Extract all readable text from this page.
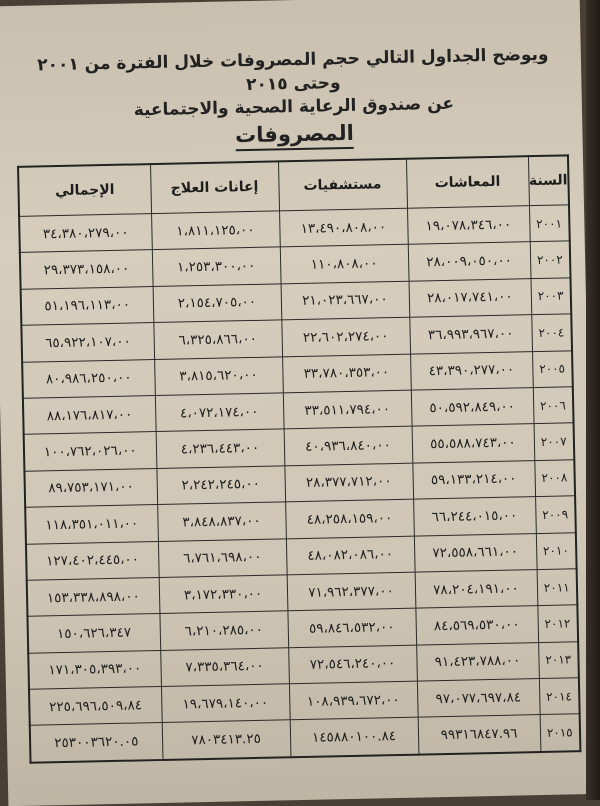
ويوضح الجداول التالي حجم المصروفات خلال الفترة من ٢٠٠١ وحتى ٢٠١٥
عن صندوق الرعاية الصحية والاجتماعية
المصروفات
السنة	المعاشات	مستشفيات	إعانات العلاج	الإجمالي
٢٠٠١	١٩،٠٧٨،٣٤٦،٠٠	١٣،٤٩٠،٨٠٨،٠٠	١،٨١١،١٢٥،٠٠	٣٤،٣٨٠،٢٧٩،٠٠
٢٠٠٢	٢٨،٠٠٩،٠٥٠،٠٠	١١٠،٨٠٨،٠٠	١،٢٥٣،٣٠٠،٠٠	٢٩،٣٧٣،١٥٨،٠٠
٢٠٠٣	٢٨،٠١٧،٧٤١،٠٠	٢١،٠٢٣،٦٦٧،٠٠	٢،١٥٤،٧٠٥،٠٠	٥١،١٩٦،١١٣،٠٠
٢٠٠٤	٣٦،٩٩٣،٩٦٧،٠٠	٢٢،٦٠٢،٢٧٤،٠٠	٦،٣٢٥،٨٦٦،٠٠	٦٥،٩٢٢،١٠٧،٠٠
٢٠٠٥	٤٣،٣٩٠،٢٧٧،٠٠	٣٣،٧٨٠،٣٥٣،٠٠	٣،٨١٥،٦٢٠،٠٠	٨٠،٩٨٦،٢٥٠،٠٠
٢٠٠٦	٥٠،٥٩٢،٨٤٩،٠٠	٣٣،٥١١،٧٩٤،٠٠	٤،٠٧٢،١٧٤،٠٠	٨٨،١٧٦،٨١٧،٠٠
٢٠٠٧	٥٥،٥٨٨،٧٤٣،٠٠	٤٠،٩٣٦،٨٤٠،٠٠	٤،٢٣٦،٤٤٣،٠٠	١٠٠،٧٦٢،٠٢٦،٠٠
٢٠٠٨	٥٩،١٣٣،٢١٤،٠٠	٢٨،٣٧٧،٧١٢،٠٠	٢،٢٤٢،٢٤٥،٠٠	٨٩،٧٥٣،١٧١،٠٠
٢٠٠٩	٦٦،٢٤٤،٠١٥،٠٠	٤٨،٢٥٨،١٥٩،٠٠	٣،٨٤٨،٨٣٧،٠٠	١١٨،٣٥١،٠١١،٠٠
٢٠١٠	٧٢،٥٥٨،٦٦١،٠٠	٤٨،٠٨٢،٠٨٦،٠٠	٦،٧٦١،٦٩٨،٠٠	١٢٧،٤٠٢،٤٤٥،٠٠
٢٠١١	٧٨،٢٠٤،١٩١،٠٠	٧١،٩٦٢،٣٧٧،٠٠	٣،١٧٢،٣٣٠،٠٠	١٥٣،٣٣٨،٨٩٨،٠٠
٢٠١٢	٨٤،٥٦٩،٥٣٠،٠٠	٥٩،٨٤٦،٥٣٢،٠٠	٦،٢١٠،٢٨٥،٠٠	١٥٠،٦٢٦،٣٤٧
٢٠١٣	٩١،٤٢٣،٧٨٨،٠٠	٧٢،٥٤٦،٢٤٠،٠٠	٧،٣٣٥،٣٦٤،٠٠	١٧١،٣٠٥،٣٩٣،٠٠
٢٠١٤	٩٧،٠٧٧،٦٩٧،٨٤	١٠٨،٩٣٩،٦٧٢،٠٠	١٩،٦٧٩،١٤٠،٠٠	٢٢٥،٦٩٦،٥٠٩،٨٤
٢٠١٥	٩٩٣١٦٨٤٧.٩٦	١٤٥٨٨٠١٠٠.٨٤	٧٨٠٣٤١٣.٢٥	٢٥٣٠٠٣٦٢٠.٠٥
